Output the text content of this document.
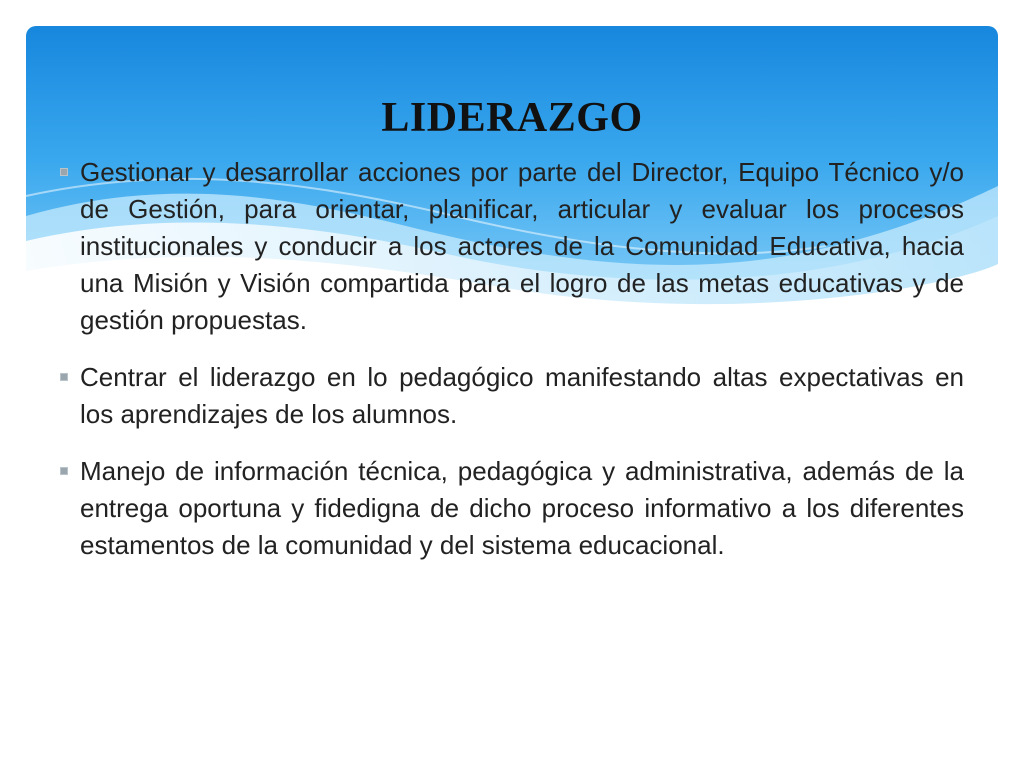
LIDERAZGO
Gestionar y desarrollar acciones por parte del Director, Equipo Técnico y/o de Gestión, para orientar, planificar, articular y evaluar los procesos institucionales y conducir a los actores de la Comunidad Educativa, hacia una Misión y Visión compartida para el logro de las metas educativas y de gestión propuestas.
Centrar el liderazgo en lo pedagógico manifestando altas expectativas en los aprendizajes de los alumnos.
Manejo de información técnica, pedagógica y administrativa, además de la entrega oportuna y fidedigna de dicho proceso informativo a los diferentes estamentos de la comunidad y del sistema educacional.
